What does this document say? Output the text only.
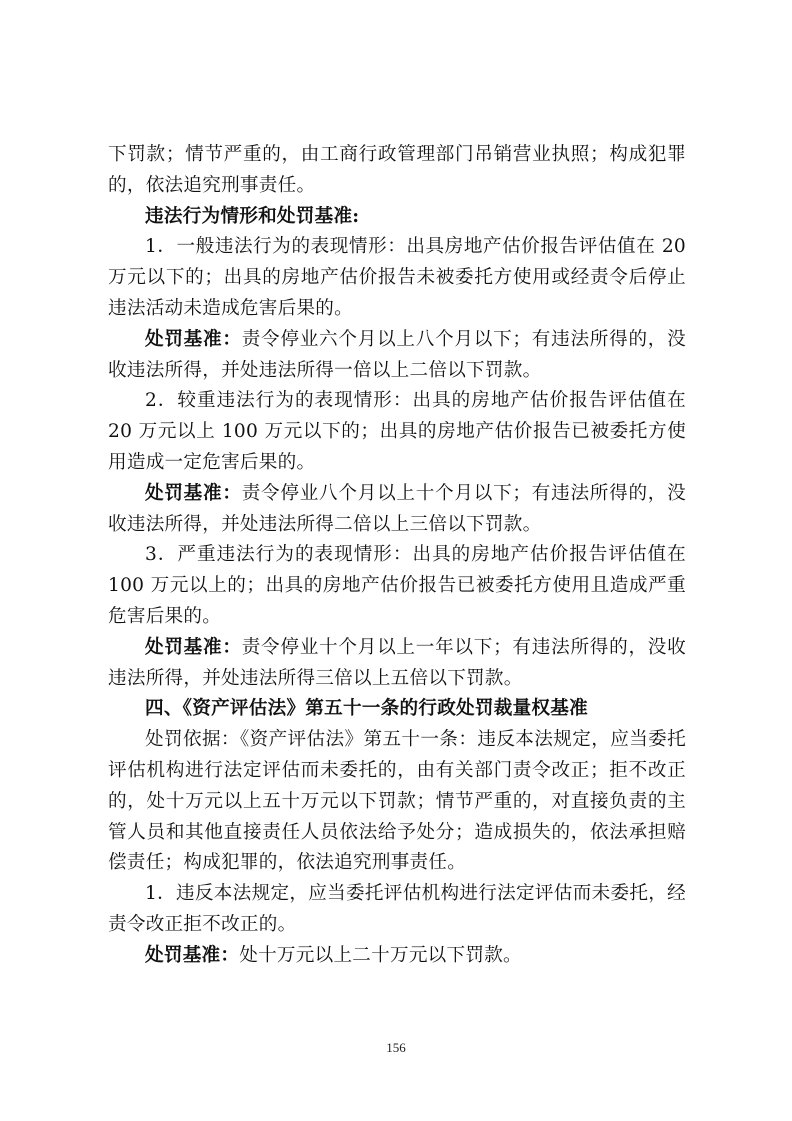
下罚款；情节严重的，由工商行政管理部门吊销营业执照；构成犯罪的，依法追究刑事责任。

违法行为情形和处罚基准:

1．一般违法行为的表现情形：出具房地产估价报告评估值在 20 万元以下的；出具的房地产估价报告未被委托方使用或经责令后停止违法活动未造成危害后果的。

处罚基准：责令停业六个月以上八个月以下；有违法所得的，没收违法所得，并处违法所得一倍以上二倍以下罚款。

2．较重违法行为的表现情形：出具的房地产估价报告评估值在 20 万元以上 100 万元以下的；出具的房地产估价报告已被委托方使用造成一定危害后果的。

处罚基准：责令停业八个月以上十个月以下；有违法所得的，没收违法所得，并处违法所得二倍以上三倍以下罚款。

3．严重违法行为的表现情形：出具的房地产估价报告评估值在 100 万元以上的；出具的房地产估价报告已被委托方使用且造成严重危害后果的。

处罚基准：责令停业十个月以上一年以下；有违法所得的，没收违法所得，并处违法所得三倍以上五倍以下罚款。

四、《资产评估法》第五十一条的行政处罚裁量权基准

处罚依据：《资产评估法》第五十一条：违反本法规定，应当委托评估机构进行法定评估而未委托的，由有关部门责令改正；拒不改正的，处十万元以上五十万元以下罚款；情节严重的，对直接负责的主管人员和其他直接责任人员依法给予处分；造成损失的，依法承担赔偿责任；构成犯罪的，依法追究刑事责任。

1．违反本法规定，应当委托评估机构进行法定评估而未委托，经责令改正拒不改正的。

处罚基准：处十万元以上二十万元以下罚款。

156
